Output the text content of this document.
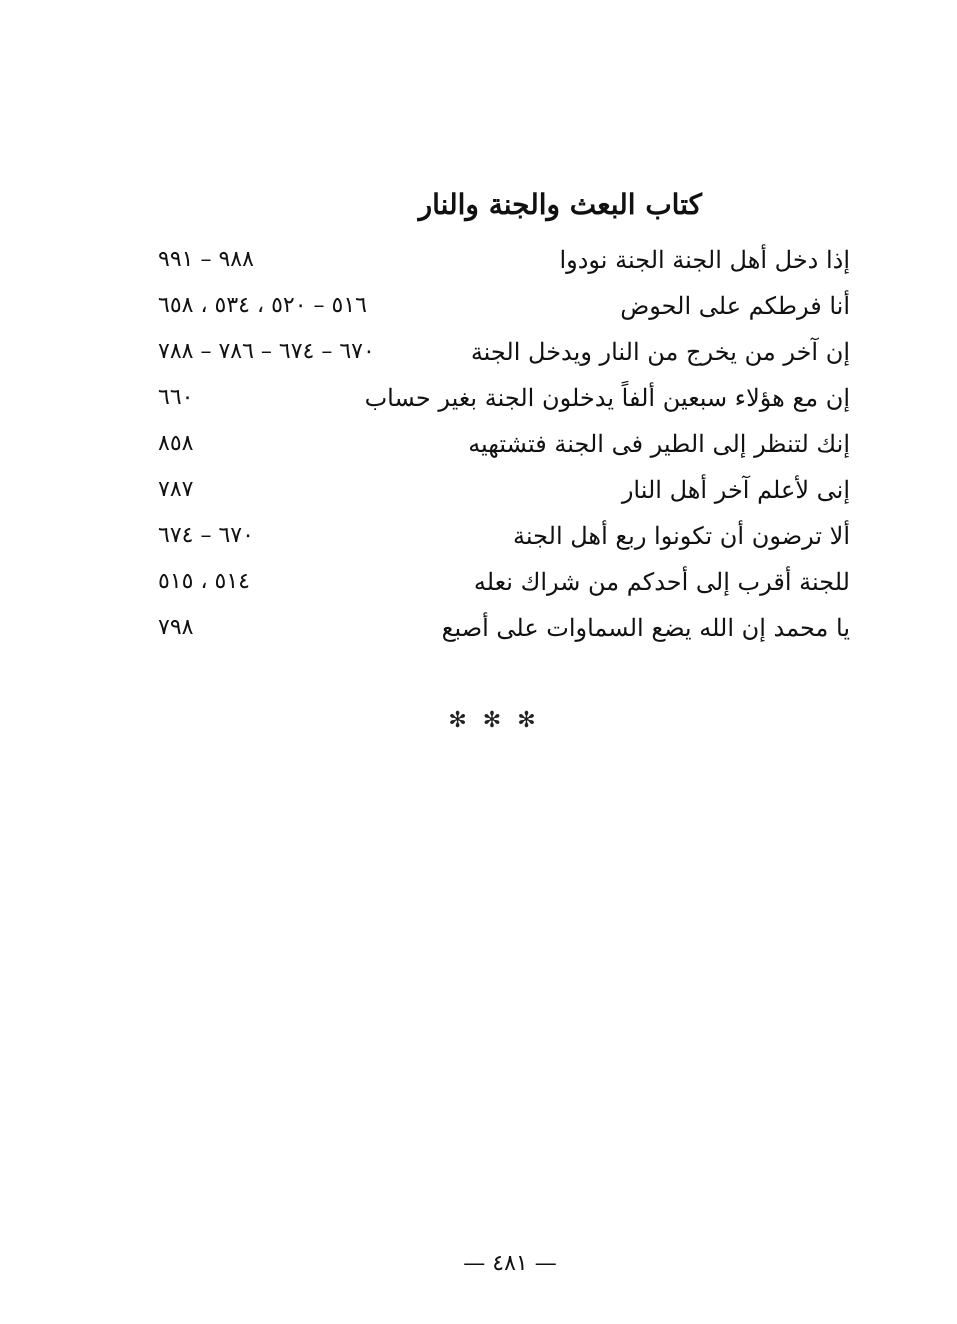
كتاب البعث والجنة والنار
إذا دخل أهل الجنة الجنة نودوا
٩٨٨ – ٩٩١
أنا فرطكم على الحوض
٥١٦ – ٥٢٠ ، ٥٣٤ ، ٦٥٨
إن آخر من يخرج من النار ويدخل الجنة
٦٧٠ – ٦٧٤ – ٧٨٦ – ٧٨٨
إن مع هؤلاء سبعين ألفاً يدخلون الجنة بغير حساب
٦٦٠
إنك لتنظر إلى الطير فى الجنة فتشتهيه
٨٥٨
إنى لأعلم آخر أهل النار
٧٨٧
ألا ترضون أن تكونوا ربع أهل الجنة
٦٧٠ – ٦٧٤
للجنة أقرب إلى أحدكم من شراك نعله
٥١٤ ، ٥١٥
يا محمد إن الله يضع السماوات على أصبع
٧٩٨
✻✻✻
— ٤٨١ —
